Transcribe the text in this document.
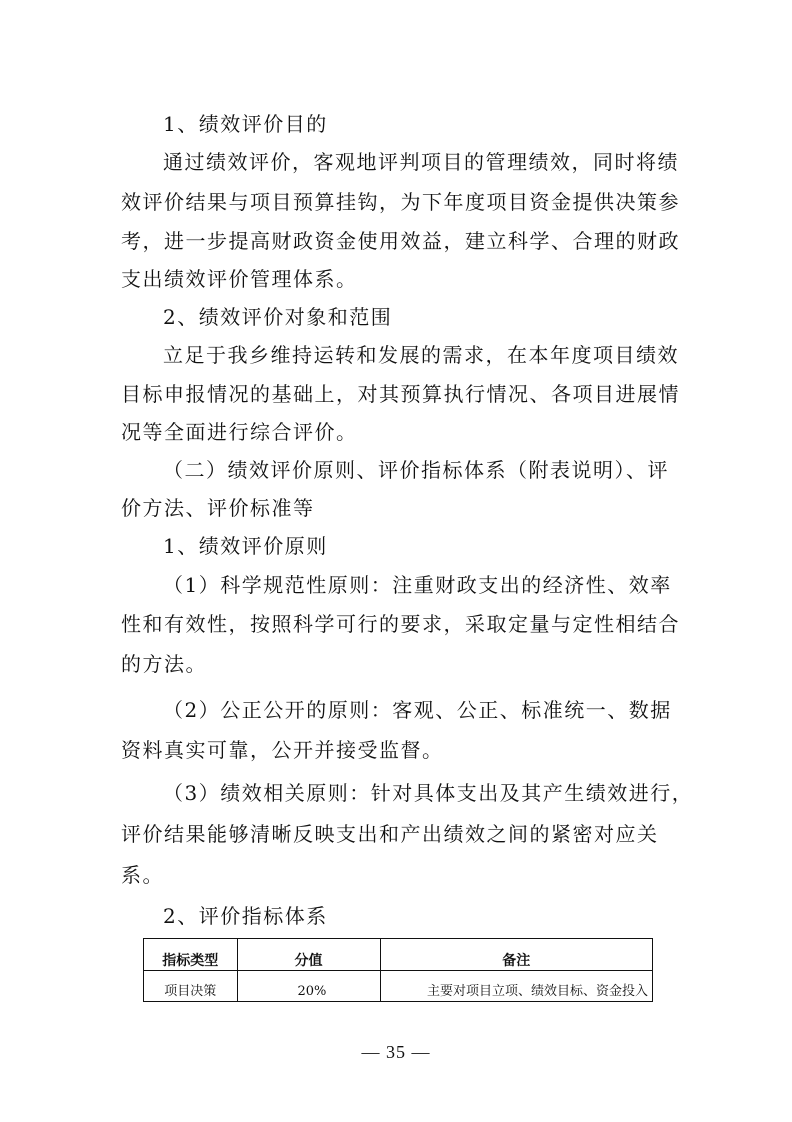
1、绩效评价目的
通过绩效评价，客观地评判项目的管理绩效，同时将绩
效评价结果与项目预算挂钩，为下年度项目资金提供决策参
考，进一步提高财政资金使用效益，建立科学、合理的财政
支出绩效评价管理体系。
2、绩效评价对象和范围
立足于我乡维持运转和发展的需求，在本年度项目绩效
目标申报情况的基础上，对其预算执行情况、各项目进展情
况等全面进行综合评价。
（二）绩效评价原则、评价指标体系（附表说明）、评
价方法、评价标准等
1、绩效评价原则
（1）科学规范性原则：注重财政支出的经济性、效率
性和有效性，按照科学可行的要求，采取定量与定性相结合
的方法。
（2）公正公开的原则：客观、公正、标准统一、数据
资料真实可靠，公开并接受监督。
（3）绩效相关原则：针对具体支出及其产生绩效进行，
评价结果能够清晰反映支出和产出绩效之间的紧密对应关
系。
2、评价指标体系
指标类型	分值	备注
项目决策	20%	主要对项目立项、绩效目标、资金投入
— 35 —
